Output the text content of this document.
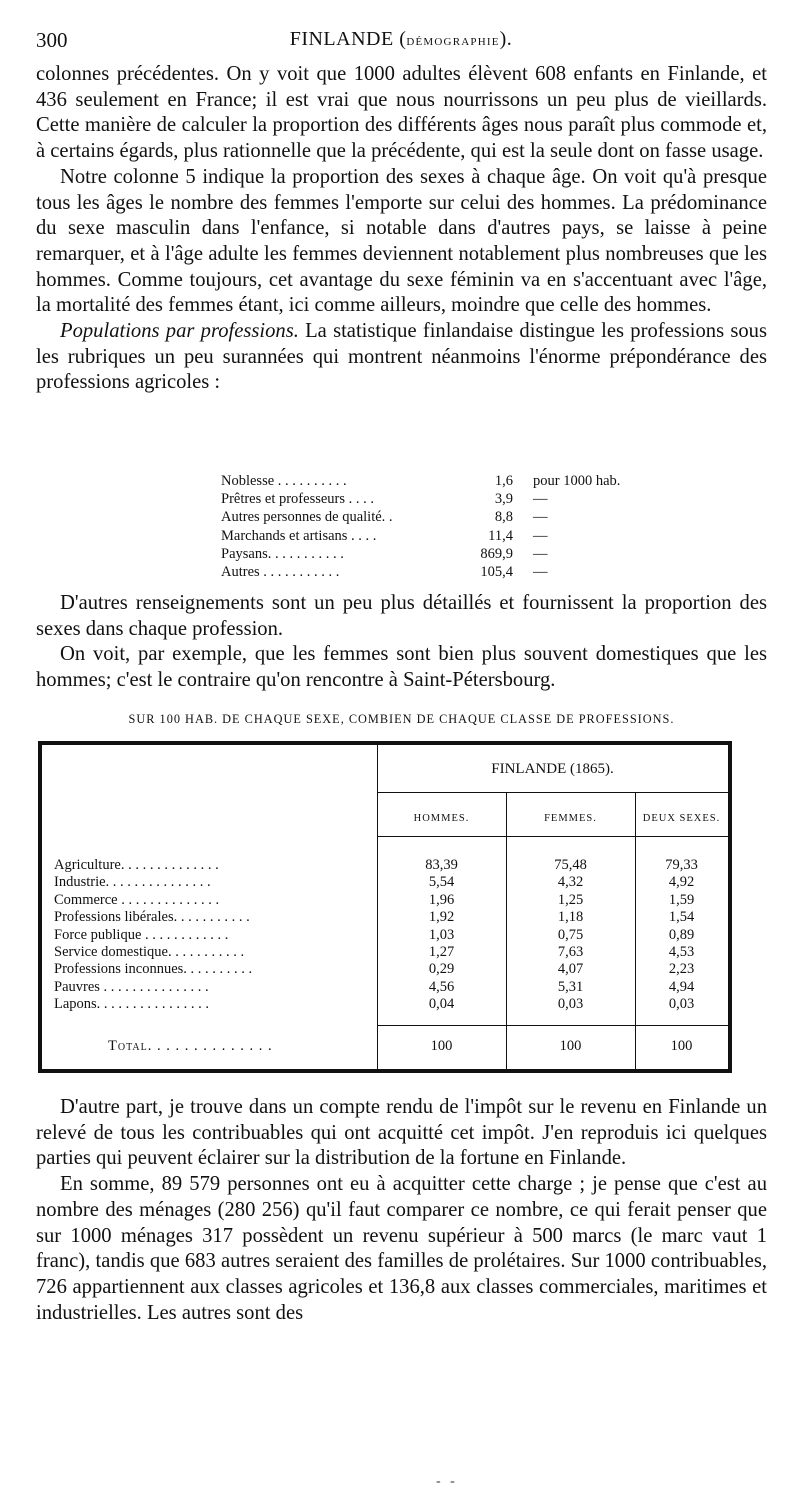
300	FINLANDE (démographie).

colonnes précédentes. On y voit que 1000 adultes élèvent 608 enfants en Finlande, et 436 seulement en France; il est vrai que nous nourrissons un peu plus de vieillards. Cette manière de calculer la proportion des différents âges nous paraît plus commode et, à certains égards, plus rationnelle que la précédente, qui est la seule dont on fasse usage.

Notre colonne 5 indique la proportion des sexes à chaque âge. On voit qu'à presque tous les âges le nombre des femmes l'emporte sur celui des hommes. La prédominance du sexe masculin dans l'enfance, si notable dans d'autres pays, se laisse à peine remarquer, et à l'âge adulte les femmes deviennent notablement plus nombreuses que les hommes. Comme toujours, cet avantage du sexe féminin va en s'accentuant avec l'âge, la mortalité des femmes étant, ici comme ailleurs, moindre que celle des hommes.

Populations par professions. La statistique finlandaise distingue les professions sous les rubriques un peu surannées qui montrent néanmoins l'énorme prépondérance des professions agricoles :

Noblesse . . . . . . . . . .	1,6 pour 1000 hab.
Prêtres et professeurs . . . .	3,9 —
Autres personnes de qualité. .	8,8 —
Marchands et artisans . . . .	11,4 —
Paysans. . . . . . . . . . .	869,9 —
Autres . . . . . . . . . . .	105,4 —

D'autres renseignements sont un peu plus détaillés et fournissent la proportion des sexes dans chaque profession.

On voit, par exemple, que les femmes sont bien plus souvent domestiques que les hommes; c'est le contraire qu'on rencontre à Saint-Pétersbourg.

SUR 100 HAB. DE CHAQUE SEXE, COMBIEN DE CHAQUE CLASSE DE PROFESSIONS.
FINLANDE (1865).
HOMMES.	FEMMES.	DEUX SEXES.
Agriculture. . . . . . . . . . . . . .	83,39	75,48	79,33
Industrie. . . . . . . . . . . . . . .	5,54	4,32	4,92
Commerce . . . . . . . . . . . . . .	1,96	1,25	1,59
Professions libérales. . . . . . . . . . .	1,92	1,18	1,54
Force publique . . . . . . . . . . . .	1,03	0,75	0,89
Service domestique. . . . . . . . . . .	1,27	7,63	4,53
Professions inconnues. . . . . . . . . .	0,29	4,07	2,23
Pauvres . . . . . . . . . . . . . . .	4,56	5,31	4,94
Lapons. . . . . . . . . . . . . . . .	0,04	0,03	0,03
Total. . . . . . . . . . . . . .	100	100	100

D'autre part, je trouve dans un compte rendu de l'impôt sur le revenu en Finlande un relevé de tous les contribuables qui ont acquitté cet impôt. J'en reproduis ici quelques parties qui peuvent éclairer sur la distribution de la fortune en Finlande.

En somme, 89 579 personnes ont eu à acquitter cette charge ; je pense que c'est au nombre des ménages (280 256) qu'il faut comparer ce nombre, ce qui ferait penser que sur 1000 ménages 317 possèdent un revenu supérieur à 500 marcs (le marc vaut 1 franc), tandis que 683 autres seraient des familles de prolétaires. Sur 1000 contribuables, 726 appartiennent aux classes agricoles et 136,8 aux classes commerciales, maritimes et industrielles. Les autres sont des

- -
